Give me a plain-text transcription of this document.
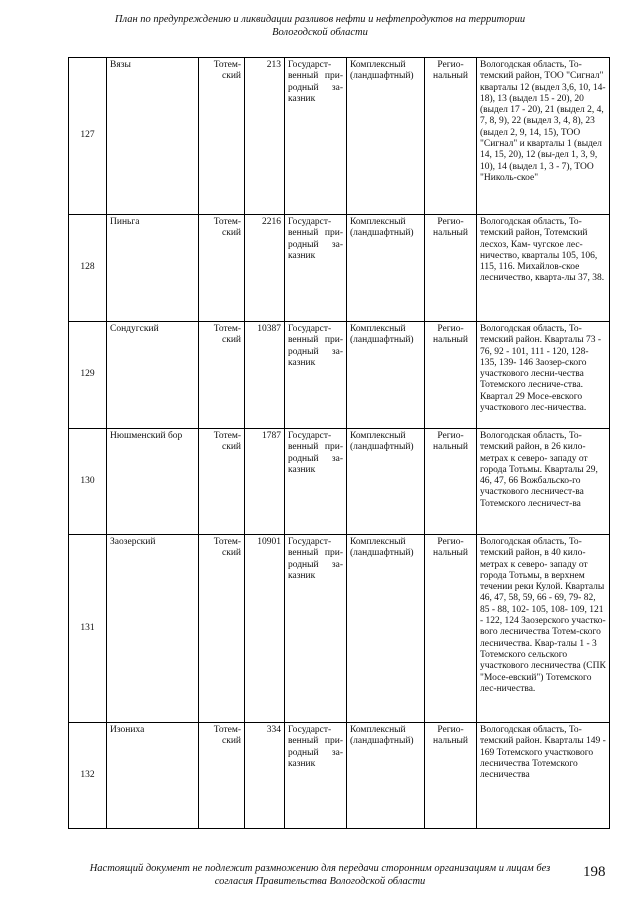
План по предупреждению и ликвидации разливов нефти и нефтепродуктов на территории
Вологодской области
127	Вязы	Тотем-ский	213	Государст-венный при-родный за-казник	Комплексный (ландшафтный)	Регио-нальный	Вологодская область, То-темский район, ТОО "Сигнал" кварталы 12 (выдел 3,6, 10, 14- 18), 13 (выдел 15 - 20), 20 (выдел 17 - 20), 21 (выдел 2, 4, 7, 8, 9), 22 (выдел 3, 4, 8), 23 (выдел 2, 9, 14, 15), ТОО "Сигнал" и кварталы 1 (выдел 14, 15, 20), 12 (вы-дел 1, 3, 9, 10), 14 (выдел 1, 3 - 7), ТОО "Николь-ское"
128	Пиньга	Тотем-ский	2216	Государст-венный при-родный за-казник	Комплексный (ландшафтный)	Регио-нальный	Вологодская область, То-темский район, Тотемский лесхоз, Кам- чугское лес-ничество, кварталы 105, 106, 115, 116. Михайлов-ское лесничество, кварта-лы 37, 38.
129	Сондугский	Тотем-ский	10387	Государст-венный при-родный за-казник	Комплексный (ландшафтный)	Регио-нальный	Вологодская область, То-темский район. Кварталы 73 - 76, 92 - 101, 111 - 120, 128- 135, 139- 146 Заозер-ского участкового лесни-чества Тотемского лесниче-ства. Квартал 29 Мосе-евского участкового лес-ничества.
130	Нюшменский бор	Тотем-ский	1787	Государст-венный при-родный за-казник	Комплексный (ландшафтный)	Регио-нальный	Вологодская область, То-темский район, в 26 кило-метрах к северо- западу от города Тотьмы. Кварталы 29, 46, 47, 66 Вожбальско-го участкового лесничест-ва Тотемского лесничест-ва
131	Заозерский	Тотем-ский	10901	Государст-венный при-родный за-казник	Комплексный (ландшафтный)	Регио-нальный	Вологодская область, То-темский район, в 40 кило-метрах к северо- западу от города Тотьмы, в верхнем течении реки Кулой. Кварталы 46, 47, 58, 59, 66 - 69, 79- 82, 85 - 88, 102- 105, 108- 109, 121 - 122, 124 Заозерского участко-вого лесничества Тотем-ского лесничества. Квар-талы 1 - 3 Тотемского сельского участкового лесничества (СПК "Мосе-евский") Тотемского лес-ничества.
132	Изониха	Тотем-ский	334	Государст-венный при-родный за-казник	Комплексный (ландшафтный)	Регио-нальный	Вологодская область, То-темский район. Кварталы 149 - 169 Тотемского участкового лесничества Тотемского лесничества
Настоящий документ не подлежит размножению для передачи сторонним организациям и лицам без
согласия Правительства Вологодской области
198
